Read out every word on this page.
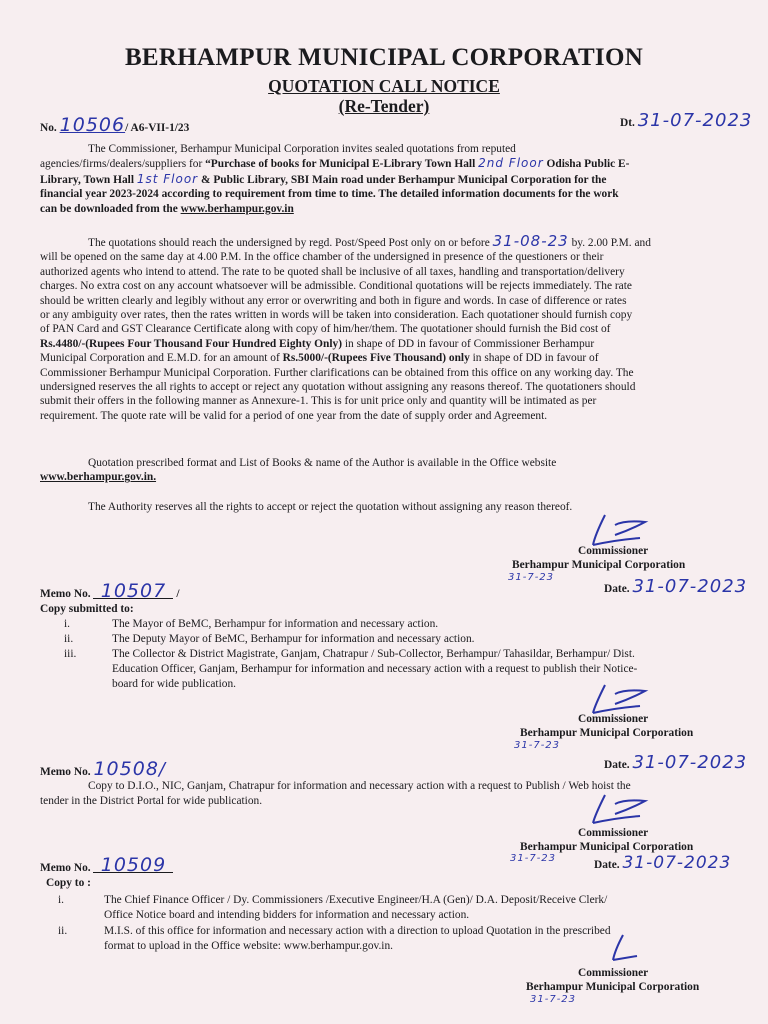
BERHAMPUR MUNICIPAL CORPORATION
QUOTATION CALL NOTICE
(Re-Tender)
No. 10506/ A6-VII-1/23	Dt. 31-07-2023
The Commissioner, Berhampur Municipal Corporation invites sealed quotations from reputed
agencies/firms/dealers/suppliers for “Purchase of books for Municipal E-Library Town Hall 2nd Floor Odisha Public E-
Library, Town Hall 1st Floor & Public Library, SBI Main road under Berhampur Municipal Corporation for the
financial year 2023-2024 according to requirement from time to time. The detailed information documents for the work
can be downloaded from the www.berhampur.gov.in
The quotations should reach the undersigned by regd. Post/Speed Post only on or before 31-08-23 by. 2.00 P.M. and
will be opened on the same day at 4.00 P.M. In the office chamber of the undersigned in presence of the questioners or their
authorized agents who intend to attend. The rate to be quoted shall be inclusive of all taxes, handling and transportation/delivery
charges. No extra cost on any account whatsoever will be admissible. Conditional quotations will be rejects immediately. The rate
should be written clearly and legibly without any error or overwriting and both in figure and words. In case of difference or rates
or any ambiguity over rates, then the rates written in words will be taken into consideration. Each quotationer should furnish copy
of PAN Card and GST Clearance Certificate along with copy of him/her/them. The quotationer should furnish the Bid cost of
Rs.4480/-(Rupees Four Thousand Four Hundred Eighty Only) in shape of DD in favour of Commissioner Berhampur
Municipal Corporation and E.M.D. for an amount of Rs.5000/-(Rupees Five Thousand) only in shape of DD in favour of
Commissioner Berhampur Municipal Corporation. Further clarifications can be obtained from this office on any working day. The
undersigned reserves the all rights to accept or reject any quotation without assigning any reasons thereof. The quotationers should
submit their offers in the following manner as Annexure-1. This is for unit price only and quantity will be intimated as per
requirement. The quote rate will be valid for a period of one year from the date of supply order and Agreement.
Quotation prescribed format and List of Books & name of the Author is available in the Office website
www.berhampur.gov.in.
The Authority reserves all the rights to accept or reject the quotation without assigning any reason thereof.
Commissioner
Berhampur Municipal Corporation
31-7-23
Memo No. 10507 /	Date. 31-07-2023
Copy submitted to:
i.	The Mayor of BeMC, Berhampur for information and necessary action.
ii.	The Deputy Mayor of BeMC, Berhampur for information and necessary action.
iii.	The Collector & District Magistrate, Ganjam, Chatrapur / Sub-Collector, Berhampur/ Tahasildar, Berhampur/ Dist.
Education Officer, Ganjam, Berhampur for information and necessary action with a request to publish their Notice-
board for wide publication.
Commissioner
Berhampur Municipal Corporation
31-7-23
Memo No. 10508/	Date. 31-07-2023
Copy to D.I.O., NIC, Ganjam, Chatrapur for information and necessary action with a request to Publish / Web hoist the
tender in the District Portal for wide publication.
Commissioner
Berhampur Municipal Corporation
31-7-23
Memo No. 10509	Date. 31-07-2023
Copy to :
i.	The Chief Finance Officer / Dy. Commissioners /Executive Engineer/H.A (Gen)/ D.A. Deposit/Receive Clerk/
Office Notice board and intending bidders for information and necessary action.
ii.	M.I.S. of this office for information and necessary action with a direction to upload Quotation in the prescribed
format to upload in the Office website: www.berhampur.gov.in.
Commissioner
Berhampur Municipal Corporation
31-7-23
